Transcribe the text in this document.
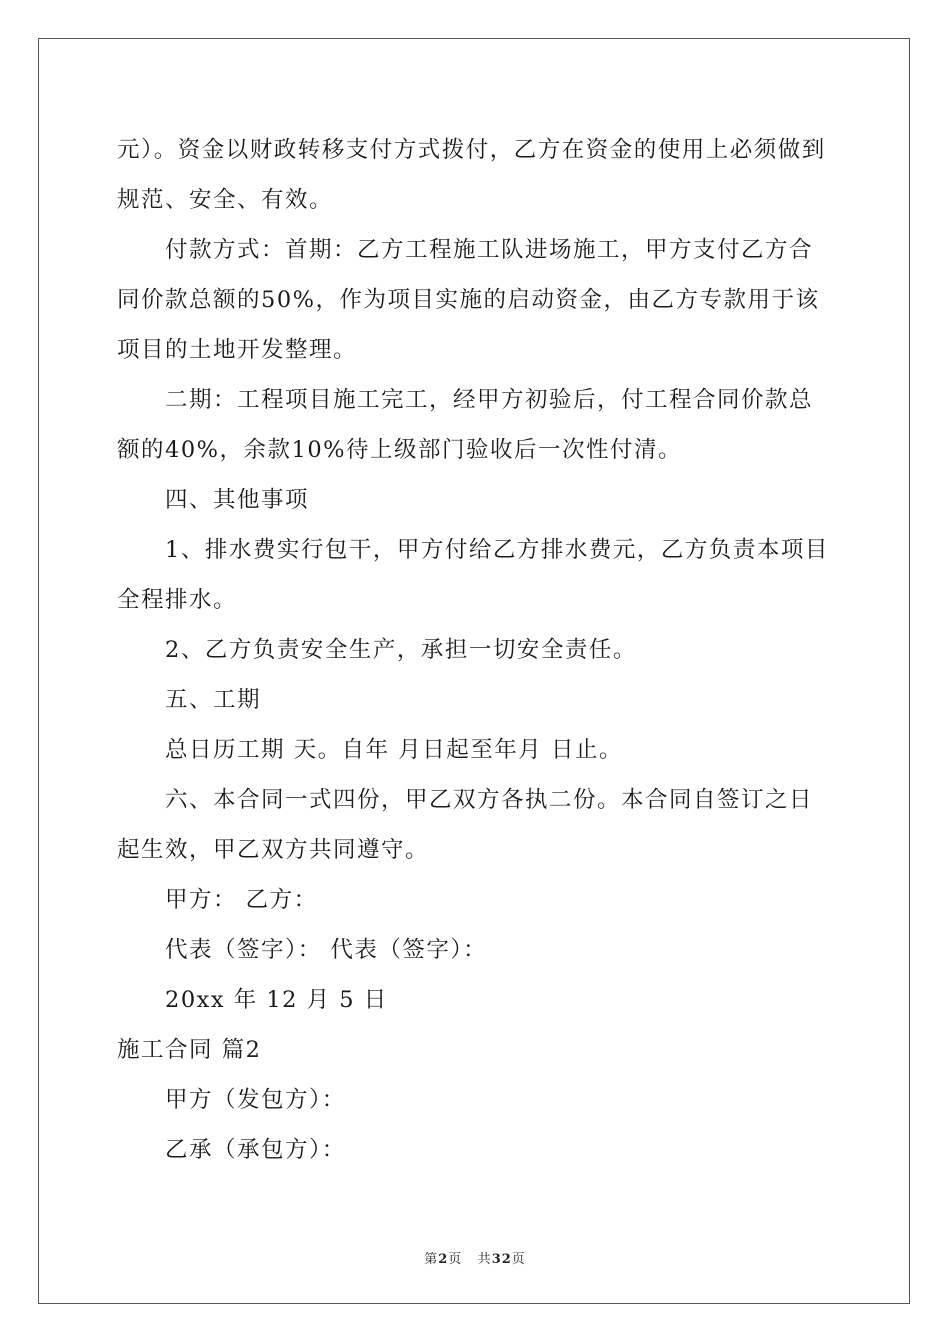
元）。资金以财政转移支付方式拨付，乙方在资金的使用上必须做到规范、安全、有效。

付款方式：首期：乙方工程施工队进场施工，甲方支付乙方合同价款总额的50%，作为项目实施的启动资金，由乙方专款用于该项目的土地开发整理。

二期：工程项目施工完工，经甲方初验后，付工程合同价款总额的40%，余款10%待上级部门验收后一次性付清。

四、其他事项

1、排水费实行包干，甲方付给乙方排水费元，乙方负责本项目全程排水。

2、乙方负责安全生产，承担一切安全责任。

五、工期

总日历工期 天。自年 月日起至年月 日止。

六、本合同一式四份，甲乙双方各执二份。本合同自签订之日起生效，甲乙双方共同遵守。

甲方： 乙方：

代表（签字）： 代表（签字）：

20xx 年 12 月 5 日

施工合同 篇2

甲方（发包方）：

乙承（承包方）：

第2页 共32页
